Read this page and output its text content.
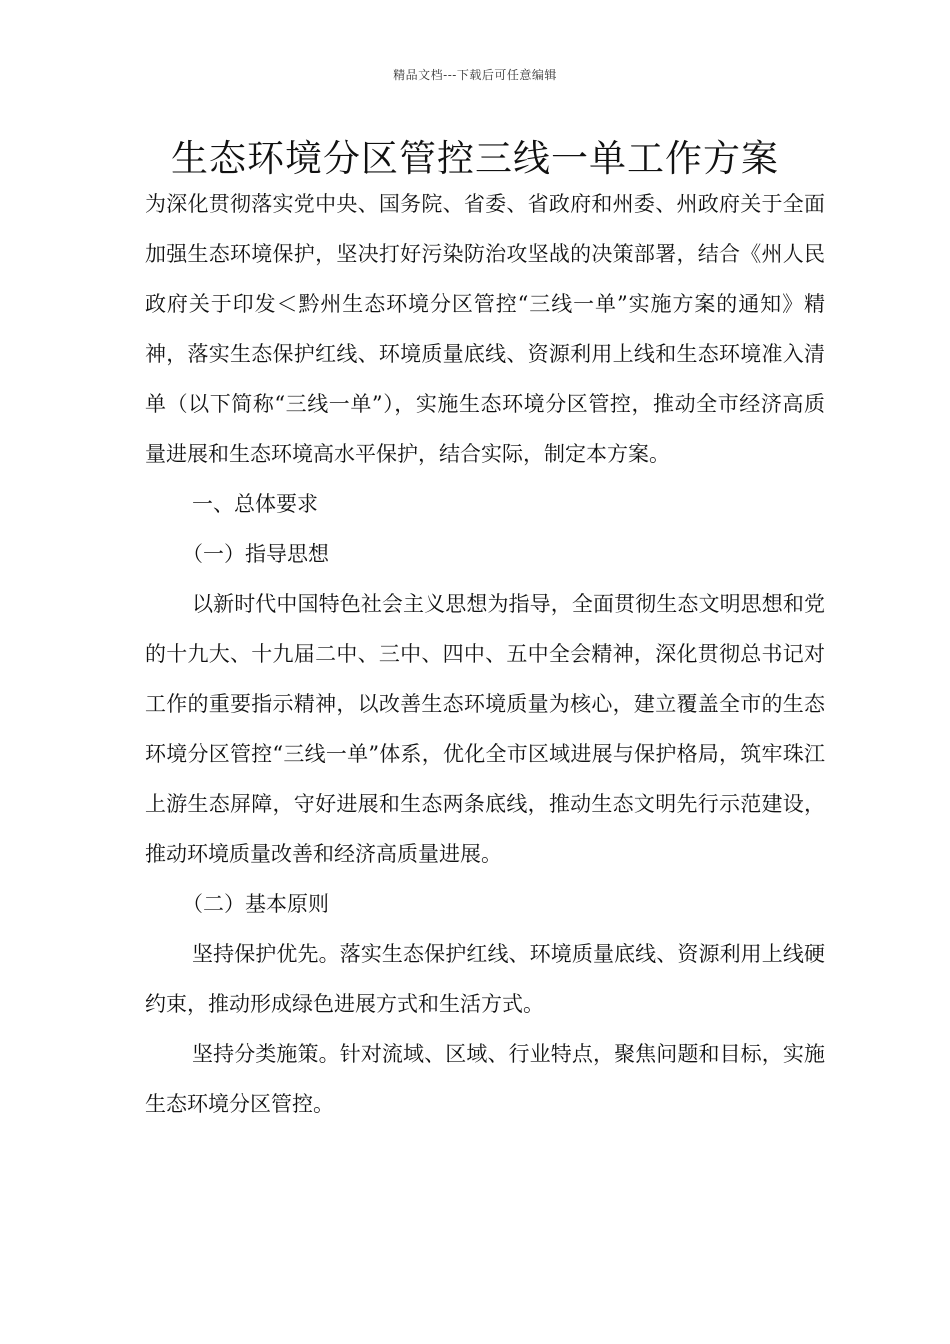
精品文档---下载后可任意编辑
生态环境分区管控三线一单工作方案

为深化贯彻落实党中央、国务院、省委、省政府和州委、州政府关于全面加强生态环境保护，坚决打好污染防治攻坚战的决策部署，结合《州人民政府关于印发＜黔州生态环境分区管控“三线一单”实施方案的通知》精神，落实生态保护红线、环境质量底线、资源利用上线和生态环境准入清单（以下简称“三线一单”），实施生态环境分区管控，推动全市经济高质量进展和生态环境高水平保护，结合实际，制定本方案。

一、总体要求

（一）指导思想

以新时代中国特色社会主义思想为指导，全面贯彻生态文明思想和党的十九大、十九届二中、三中、四中、五中全会精神，深化贯彻总书记对工作的重要指示精神，以改善生态环境质量为核心，建立覆盖全市的生态环境分区管控“三线一单”体系，优化全市区域进展与保护格局，筑牢珠江上游生态屏障，守好进展和生态两条底线，推动生态文明先行示范建设，推动环境质量改善和经济高质量进展。

（二）基本原则

坚持保护优先。落实生态保护红线、环境质量底线、资源利用上线硬约束，推动形成绿色进展方式和生活方式。

坚持分类施策。针对流域、区域、行业特点，聚焦问题和目标，实施生态环境分区管控。
